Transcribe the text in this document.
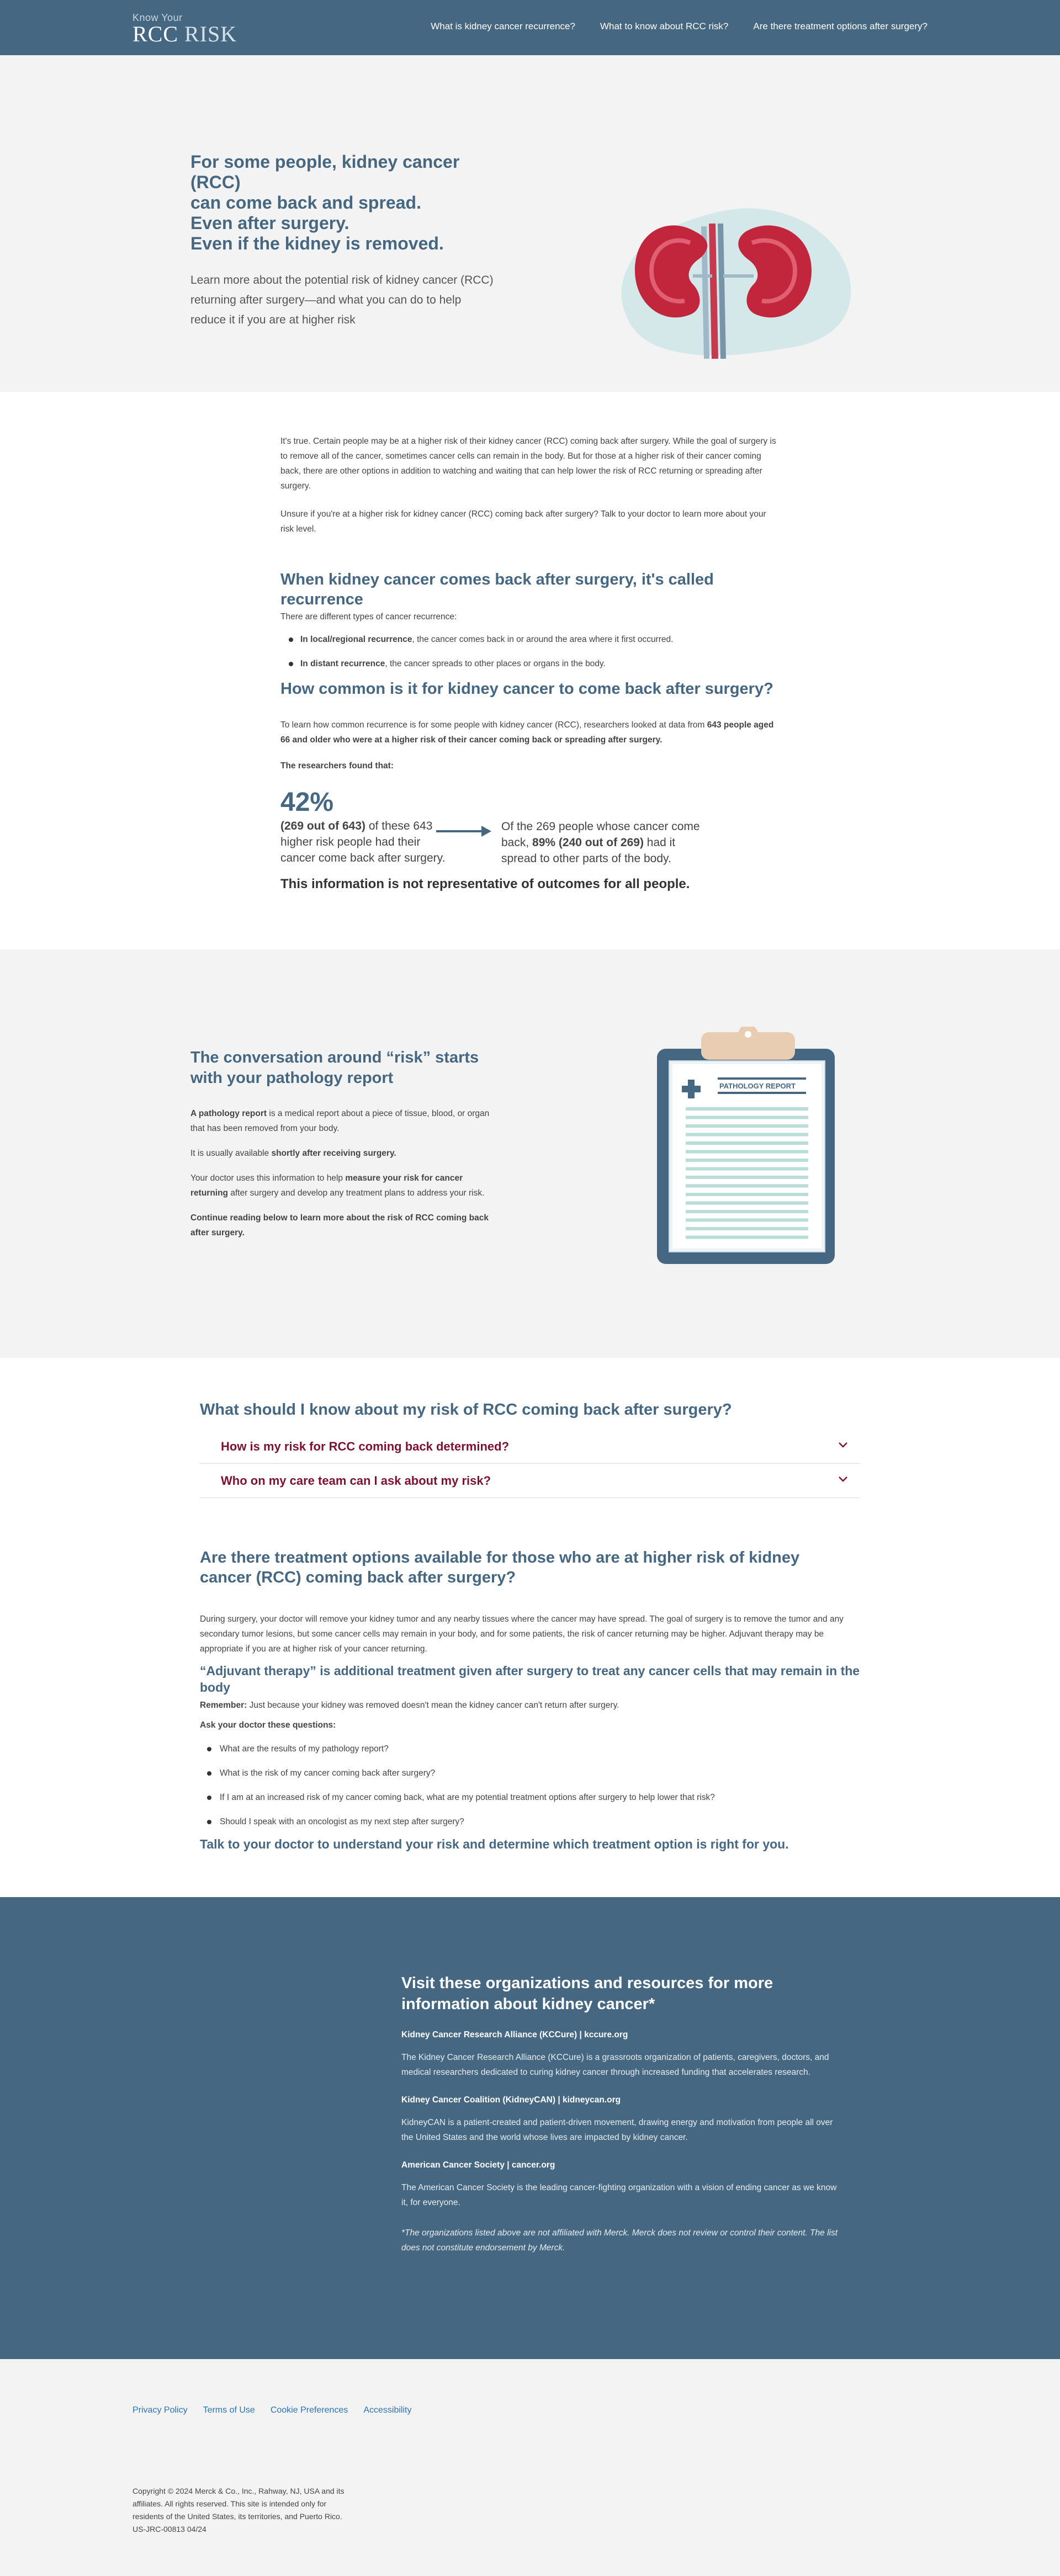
Know Your
RCC RISK	What is kidney cancer recurrence?	What to know about RCC risk?	Are there treatment options after surgery?
For some people, kidney cancer (RCC)
can come back and spread.
Even after surgery.
Even if the kidney is removed.

Learn more about the potential risk of kidney cancer (RCC) returning after surgery—and what you can do to help reduce it if you are at higher risk

It's true. Certain people may be at a higher risk of their kidney cancer (RCC) coming back after surgery. While the goal of surgery is to remove all of the cancer, sometimes cancer cells can remain in the body. But for those at a higher risk of their cancer coming back, there are other options in addition to watching and waiting that can help lower the risk of RCC returning or spreading after surgery.

Unsure if you're at a higher risk for kidney cancer (RCC) coming back after surgery? Talk to your doctor to learn more about your risk level.

When kidney cancer comes back after surgery, it's called recurrence

There are different types of cancer recurrence:

In local/regional recurrence, the cancer comes back in or around the area where it first occurred.
In distant recurrence, the cancer spreads to other places or organs in the body.
How common is it for kidney cancer to come back after surgery?

To learn how common recurrence is for some people with kidney cancer (RCC), researchers looked at data from 643 people aged 66 and older who were at a higher risk of their cancer coming back or spreading after surgery.

The researchers found that:

42%

(269 out of 643) of these 643 higher risk people had their cancer come back after surgery.

Of the 269 people whose cancer come back, 89% (240 out of 269) had it spread to other parts of the body.

This information is not representative of outcomes for all people.

The conversation around “risk” starts with your pathology report

A pathology report is a medical report about a piece of tissue, blood, or organ that has been removed from your body.

It is usually available shortly after receiving surgery.

Your doctor uses this information to help measure your risk for cancer returning after surgery and develop any treatment plans to address your risk.

Continue reading below to learn more about the risk of RCC coming back after surgery.

PATHOLOGY REPORT
What should I know about my risk of RCC coming back after surgery?
How is my risk for RCC coming back determined?
Who on my care team can I ask about my risk?
Are there treatment options available for those who are at higher risk of kidney cancer (RCC) coming back after surgery?

During surgery, your doctor will remove your kidney tumor and any nearby tissues where the cancer may have spread. The goal of surgery is to remove the tumor and any secondary tumor lesions, but some cancer cells may remain in your body, and for some patients, the risk of cancer returning may be higher. Adjuvant therapy may be appropriate if you are at higher risk of your cancer returning.

“Adjuvant therapy” is additional treatment given after surgery to treat any cancer cells that may remain in the body

Remember: Just because your kidney was removed doesn't mean the kidney cancer can't return after surgery.

Ask your doctor these questions:

What are the results of my pathology report?
What is the risk of my cancer coming back after surgery?
If I am at an increased risk of my cancer coming back, what are my potential treatment options after surgery to help lower that risk?
Should I speak with an oncologist as my next step after surgery?

Talk to your doctor to understand your risk and determine which treatment option is right for you.

Visit these organizations and resources for more information about kidney cancer*

Kidney Cancer Research Alliance (KCCure) | kccure.org

The Kidney Cancer Research Alliance (KCCure) is a grassroots organization of patients, caregivers, doctors, and medical researchers dedicated to curing kidney cancer through increased funding that accelerates research.

Kidney Cancer Coalition (KidneyCAN) | kidneycan.org

KidneyCAN is a patient-created and patient-driven movement, drawing energy and motivation from people all over the United States and the world whose lives are impacted by kidney cancer.

American Cancer Society | cancer.org

The American Cancer Society is the leading cancer-fighting organization with a vision of ending cancer as we know it, for everyone.

*The organizations listed above are not affiliated with Merck. Merck does not review or control their content. The list does not constitute endorsement by Merck.

Privacy Policy Terms of Use Cookie Preferences Accessibility

Copyright © 2024 Merck & Co., Inc., Rahway, NJ, USA and its affiliates. All rights reserved. This site is intended only for residents of the United States, its territories, and Puerto Rico.

US-JRC-00813 04/24
